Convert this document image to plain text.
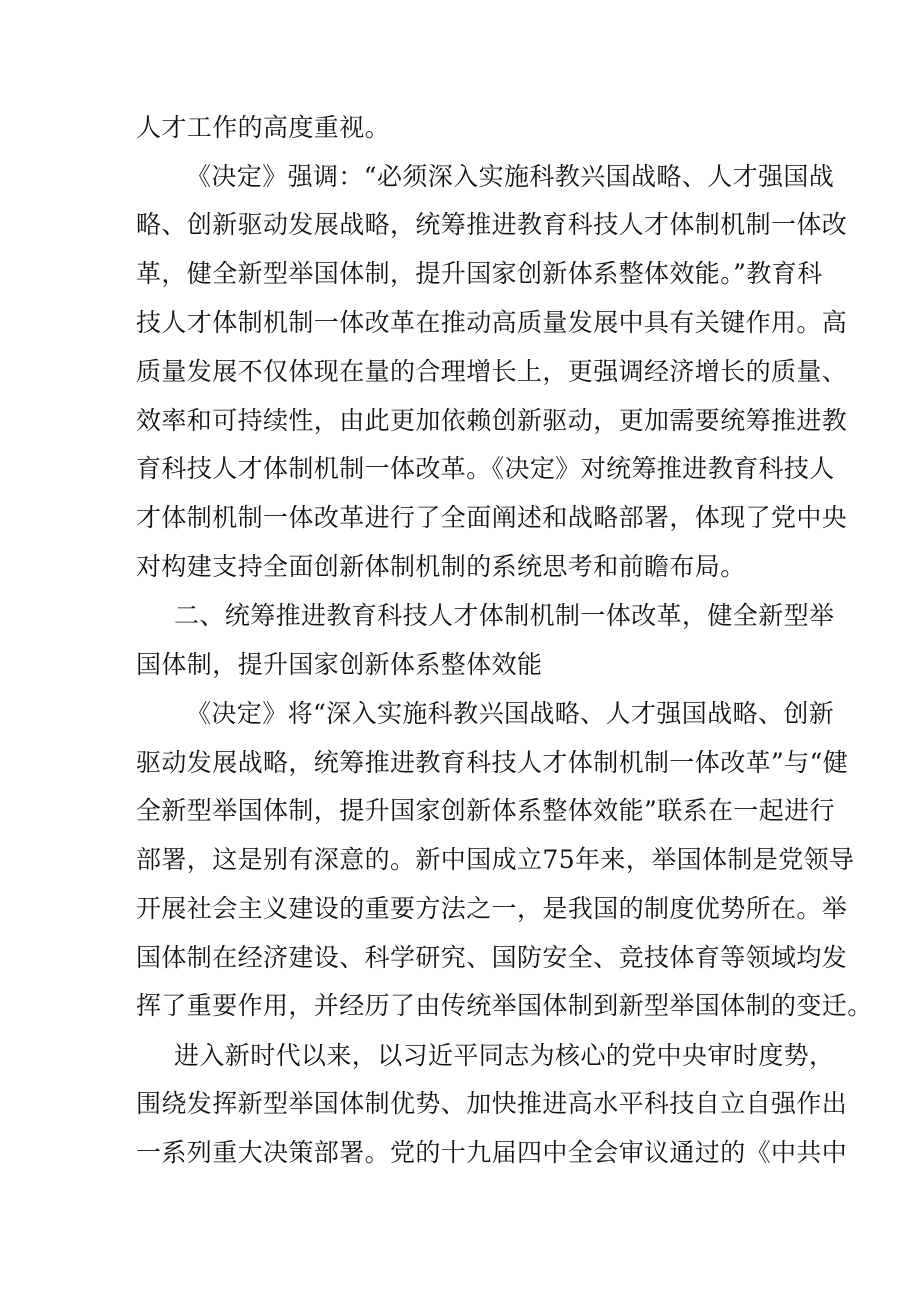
人才工作的高度重视。

《决定》强调：“必须深入实施科教兴国战略、人才强国战

略、创新驱动发展战略，统筹推进教育科技人才体制机制一体改

革，健全新型举国体制，提升国家创新体系整体效能。”教育科

技人才体制机制一体改革在推动高质量发展中具有关键作用。高

质量发展不仅体现在量的合理增长上，更强调经济增长的质量、

效率和可持续性，由此更加依赖创新驱动，更加需要统筹推进教

育科技人才体制机制一体改革。《决定》对统筹推进教育科技人

才体制机制一体改革进行了全面阐述和战略部署，体现了党中央

对构建支持全面创新体制机制的系统思考和前瞻布局。

二、统筹推进教育科技人才体制机制一体改革，健全新型举

国体制，提升国家创新体系整体效能

《决定》将“深入实施科教兴国战略、人才强国战略、创新

驱动发展战略，统筹推进教育科技人才体制机制一体改革”与“健

全新型举国体制，提升国家创新体系整体效能”联系在一起进行

部署，这是别有深意的。新中国成立75年来，举国体制是党领导

开展社会主义建设的重要方法之一，是我国的制度优势所在。举

国体制在经济建设、科学研究、国防安全、竞技体育等领域均发

挥了重要作用，并经历了由传统举国体制到新型举国体制的变迁。

进入新时代以来，以习近平同志为核心的党中央审时度势，

围绕发挥新型举国体制优势、加快推进高水平科技自立自强作出

一系列重大决策部署。党的十九届四中全会审议通过的《中共中
